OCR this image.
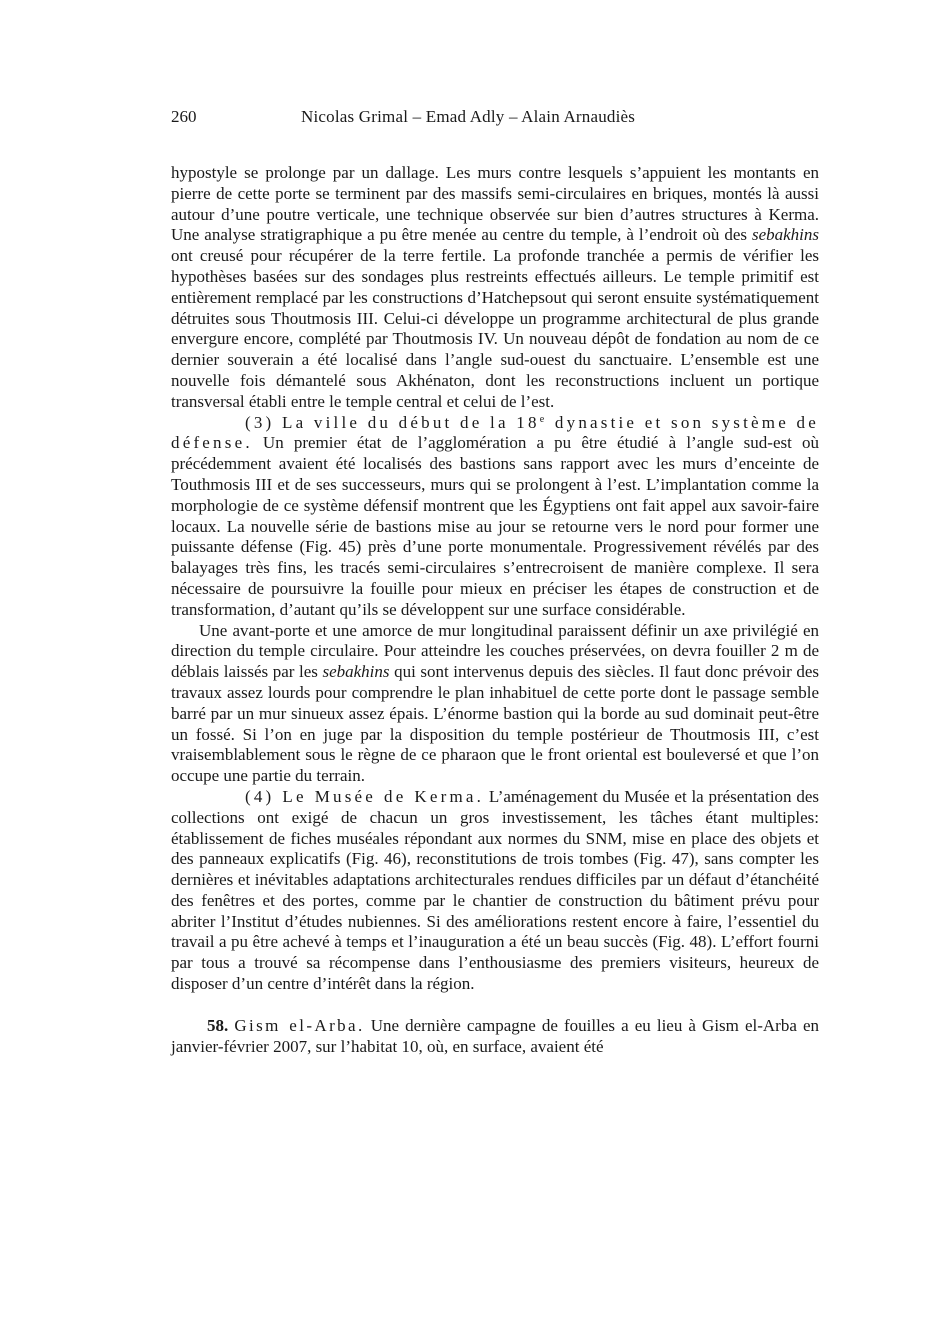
260	Nicolas Grimal – Emad Adly – Alain Arnaudiès

hypostyle se prolonge par un dallage. Les murs contre lesquels s’appuient les montants en pierre de cette porte se terminent par des massifs semi-circulaires en briques, montés là aussi autour d’une poutre verticale, une technique observée sur bien d’autres structures à Kerma. Une analyse stratigraphique a pu être menée au centre du temple, à l’endroit où des sebakhins ont creusé pour récupérer de la terre fertile. La profonde tranchée a permis de vérifier les hypothèses basées sur des sondages plus restreints effectués ailleurs. Le temple primitif est entièrement remplacé par les constructions d’Hatchepsout qui seront ensuite systématiquement détruites sous Thoutmosis III. Celui-ci développe un programme architectural de plus grande envergure encore, complété par Thoutmosis IV. Un nouveau dépôt de fondation au nom de ce dernier souverain a été localisé dans l’angle sud-ouest du sanctuaire. L’ensemble est une nouvelle fois démantelé sous Akhénaton, dont les reconstructions incluent un portique transversal établi entre le temple central et celui de l’est.

(3) La ville du début de la 18e dynastie et son système de défense. Un premier état de l’agglomération a pu être étudié à l’angle sud-est où précédemment avaient été localisés des bastions sans rapport avec les murs d’enceinte de Touthmosis III et de ses successeurs, murs qui se prolongent à l’est. L’implantation comme la morphologie de ce système défensif montrent que les Égyptiens ont fait appel aux savoir-faire locaux. La nouvelle série de bastions mise au jour se retourne vers le nord pour former une puissante défense (Fig. 45) près d’une porte monumentale. Progressivement révélés par des balayages très fins, les tracés semi-circulaires s’entrecroisent de manière complexe. Il sera nécessaire de poursuivre la fouille pour mieux en préciser les étapes de construction et de transformation, d’autant qu’ils se développent sur une surface considérable.

Une avant-porte et une amorce de mur longitudinal paraissent définir un axe privilégié en direction du temple circulaire. Pour atteindre les couches préservées, on devra fouiller 2 m de déblais laissés par les sebakhins qui sont intervenus depuis des siècles. Il faut donc prévoir des travaux assez lourds pour comprendre le plan inhabituel de cette porte dont le passage semble barré par un mur sinueux assez épais. L’énorme bastion qui la borde au sud dominait peut-être un fossé. Si l’on en juge par la disposition du temple postérieur de Thoutmosis III, c’est vraisemblablement sous le règne de ce pharaon que le front oriental est bouleversé et que l’on occupe une partie du terrain.

(4) Le Musée de Kerma. L’aménagement du Musée et la présentation des collections ont exigé de chacun un gros investissement, les tâches étant multiples: établissement de fiches muséales répondant aux normes du SNM, mise en place des objets et des panneaux explicatifs (Fig. 46), reconstitutions de trois tombes (Fig. 47), sans compter les dernières et inévitables adaptations architecturales rendues difficiles par un défaut d’étanchéité des fenêtres et des portes, comme par le chantier de construction du bâtiment prévu pour abriter l’Institut d’études nubiennes. Si des améliorations restent encore à faire, l’essentiel du travail a pu être achevé à temps et l’inauguration a été un beau succès (Fig. 48). L’effort fourni par tous a trouvé sa récompense dans l’enthousiasme des premiers visiteurs, heureux de disposer d’un centre d’intérêt dans la région.

58. Gism el-Arba. Une dernière campagne de fouilles a eu lieu à Gism el-Arba en janvier-février 2007, sur l’habitat 10, où, en surface, avaient été
